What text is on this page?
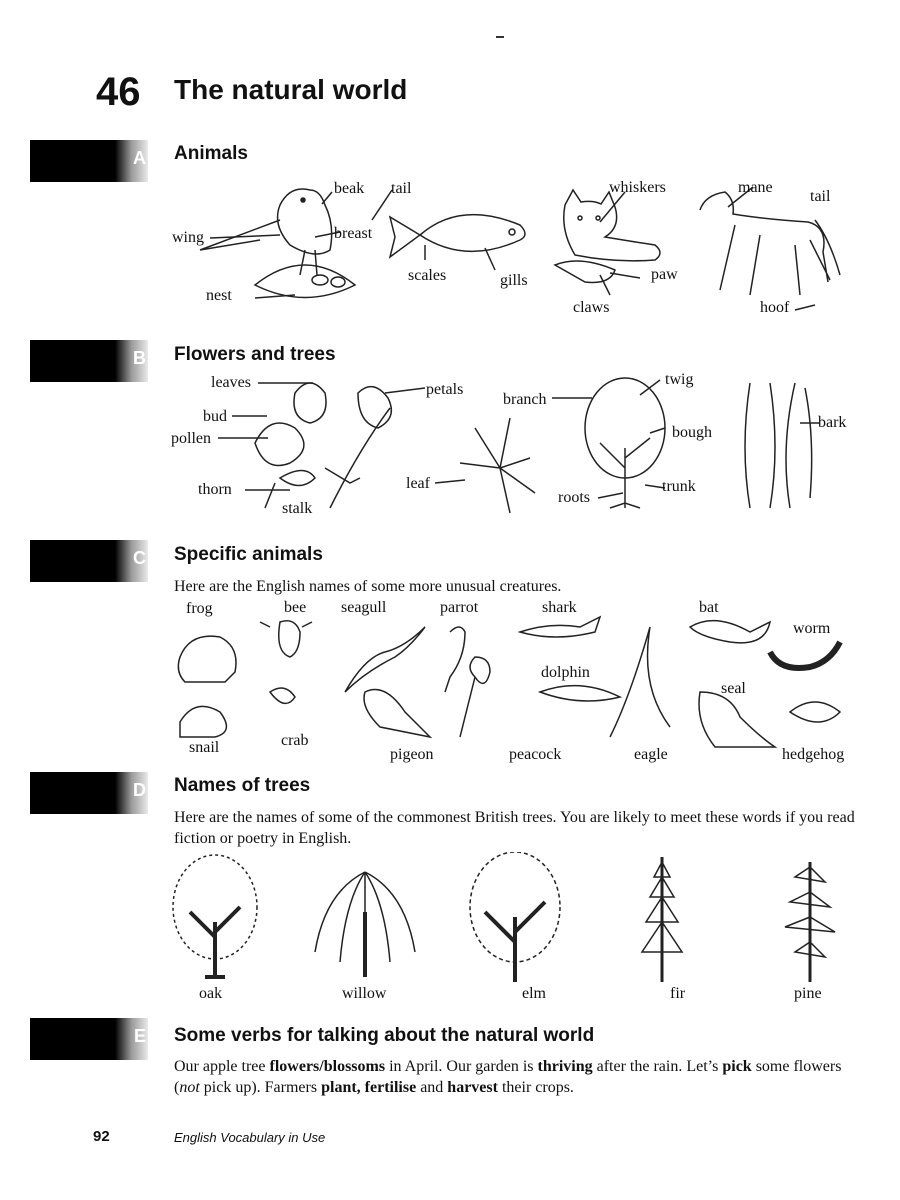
46 The natural world
A Animals
beak tail
wing	breast
nest
scales	gills
whiskers
paw
claws
mane
tail
hoof
B Flowers and trees
leaves
bud
pollen
thorn
stalk
petals
leaf
branch
twig
bough
trunk
roots
bark
C Specific animals
Here are the English names of some more unusual creatures.
frog	bee seagull	parrot	shark	bat
worm
dolphin
seal
snail	crab
pigeon	peacock	eagle	hedgehog
D Names of trees
Here are the names of some of the commonest British trees. You are likely to meet these words if you read fiction or poetry in English.
oak	willow	elm	fir	pine
E Some verbs for talking about the natural world
Our apple tree flowers/blossoms in April. Our garden is thriving after the rain. Let’s pick some flowers (not pick up). Farmers plant, fertilise and harvest their crops.
92	English Vocabulary in Use
